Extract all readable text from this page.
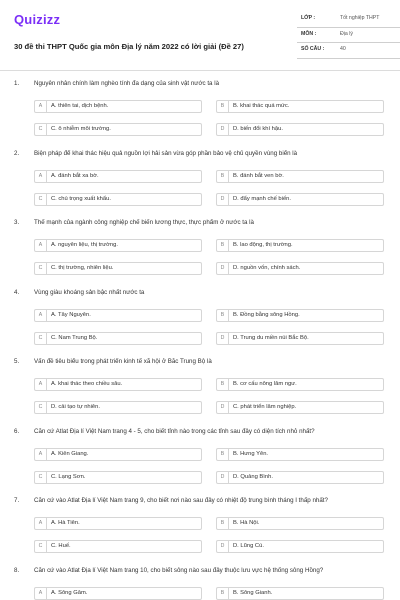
Quizizz
30 đề thi THPT Quốc gia môn Địa lý năm 2022 có lời giải (Đề 27)
LỚP :	Tốt nghiệp THPT
MÔN :	Địa lý
SỐ CÂU :	40
1. Nguyên nhân chính làm nghèo tính đa dạng của sinh vật nước ta là
A	A. thiên tai, dịch bệnh.	B	B. khai thác quá mức.
C	C. ô nhiễm môi trường.	D	D. biến đổi khí hậu.
2. Biện pháp để khai thác hiệu quả nguồn lợi hải sản vừa góp phần bảo vệ chủ quyền vùng biển là
A	A. đánh bắt xa bờ.	B	B. đánh bắt ven bờ.
C	C. chú trọng xuất khẩu.	D	D. đẩy mạnh chế biến.
3. Thế mạnh của ngành công nghiệp chế biến lương thực, thực phẩm ở nước ta là
A	A. nguyên liệu, thị trường.	B	B. lao động, thị trường.
C	C. thị trường, nhiên liệu.	D	D. nguồn vốn, chính sách.
4. Vùng giàu khoáng sản bậc nhất nước ta
A	A. Tây Nguyên.	B	B. Đồng bằng sông Hồng.
C	C. Nam Trung Bộ.	D	D. Trung du miền núi Bắc Bộ.
5. Vấn đề tiêu biểu trong phát triển kinh tế xã hội ở Bắc Trung Bộ là
A	A. khai thác theo chiều sâu.	B	B. cơ cấu nông lâm ngư.
C	D. cải tạo tự nhiên.	D	C. phát triển lâm nghiệp.
6. Căn cứ Atlat Địa lí Việt Nam trang 4 - 5, cho biết tỉnh nào trong các tỉnh sau đây có diện tích nhỏ nhất?
A	A. Kiên Giang.	B	B. Hưng Yên.
C	C. Lạng Sơn.	D	D. Quảng Bình.
7. Căn cứ vào Atlat Địa lí Việt Nam trang 9, cho biết nơi nào sau đây có nhiệt độ trung bình tháng I thấp nhất?
A	A. Hà Tiên.	B	B. Hà Nội.
C	C. Huế.	D	D. Lũng Cú.
8. Căn cứ vào Atlat Địa lí Việt Nam trang 10, cho biết sông nào sau đây thuộc lưu vực hệ thống sông Hồng?
A	A. Sông Gâm.	B	B. Sông Gianh.
